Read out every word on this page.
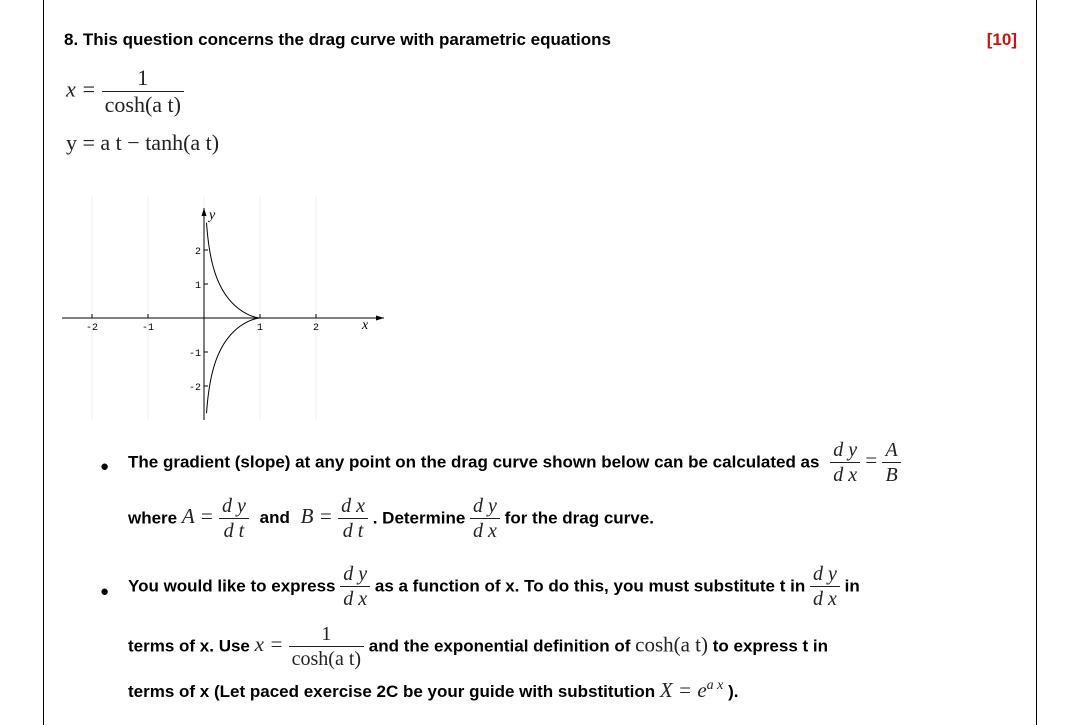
8. This question concerns the drag curve with parametric equations	[10]
$x = \frac{1}{\text{cosh(a t)}}$
y = a t − tanh(a t)
-2	-1	1	2
2
1
-1
-2
x
y
● The gradient (slope) at any point on the drag curve shown below can be calculated as $\frac{\text{d y}}{\text{d x}} = \frac{A}{B}$
where $A = \frac{\text{d y}}{\text{d t}}$ and $B = \frac{\text{d x}}{\text{d t}}$ . Determine $\frac{\text{d y}}{\text{d x}}$ for the drag curve.
● You would like to express $\frac{\text{d y}}{\text{d x}}$ as a function of x. To do this, you must substitute t in $\frac{\text{d y}}{\text{d x}}$ in
terms of x. Use $x = \frac{1}{\text{cosh(a t)}}$ and the exponential definition of cosh(a t) to express t in
terms of x (Let paced exercise 2C be your guide with substitution $X = e^{a x}$ ).
